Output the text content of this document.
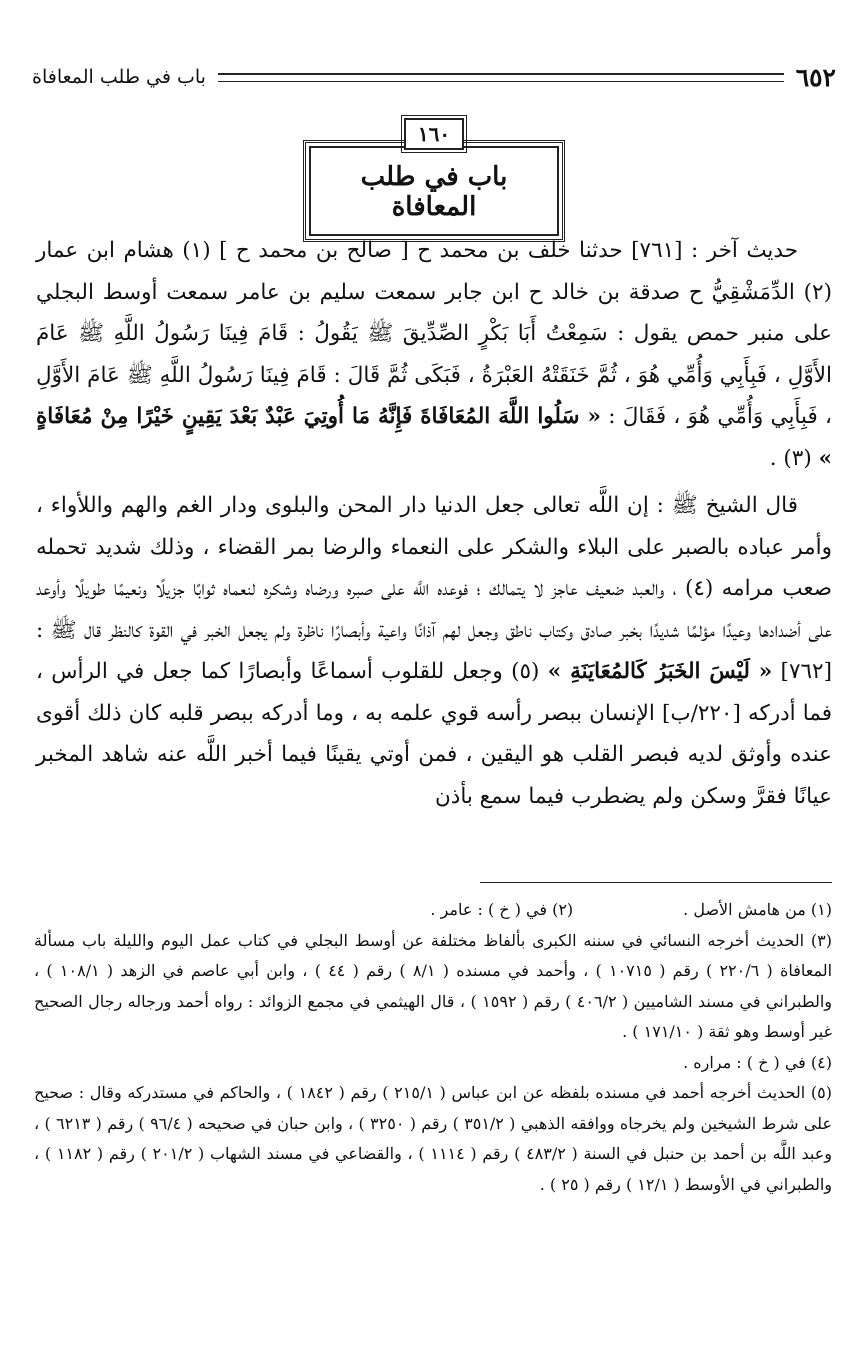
٦٥٢
باب في طلب المعافاة
١٦٠
باب في طلب المعافاة

حديث آخر : [٧٦١] حدثنا خلف بن محمد ح [ صالح بن محمد ح ] (١) هشام ابن عمار (٢) الدِّمَشْقِيُّ ح صدقة بن خالد ح ابن جابر سمعت سليم بن عامر سمعت أوسط البجلي على منبر حمص يقول : سَمِعْتُ أَبَا بَكْرٍ الصِّدِّيقَ ﷺ يَقُولُ : قَامَ فِينَا رَسُولُ اللَّهِ ﷺ عَامَ الأَوَّلِ ، فَبِأَبِي وَأُمِّي هُوَ ، ثُمَّ خَنَقَتْهُ العَبْرَةُ ، فَبَكَى ثُمَّ قَالَ : قَامَ فِينَا رَسُولُ اللَّهِ ﷺ عَامَ الأَوَّلِ ، فَبِأَبِي وَأُمِّي هُوَ ، فَقَالَ : « سَلُوا اللَّهَ المُعَافَاةَ فَإِنَّهُ مَا أُوتِيَ عَبْدٌ بَعْدَ يَقِينٍ خَيْرًا مِنْ مُعَافَاةٍ » (٣) .

قال الشيخ ﷺ : إن اللَّه تعالى جعل الدنيا دار المحن والبلوى ودار الغم والهم واللأواء ، وأمر عباده بالصبر على البلاء والشكر على النعماء والرضا بمر القضاء ، وذلك شديد تحمله صعب مرامه (٤) ، والعبد ضعيف عاجز لا يتمالك ؛ فوعده اللَّه على صبره ورضاه وشكره لنعماه ثوابًا جزيلًا ونعيمًا طويلًا وأوعد على أضدادها وعيدًا مؤلمًا شديدًا بخبر صادق وكتاب ناطق وجعل لهم آذانًا واعية وأبصارًا ناظرة ولم يجعل الخبر في القوة كالنظر قال ﷺ : [٧٦٢] « لَيْسَ الخَبَرُ كَالمُعَايَنَةِ » (٥) وجعل للقلوب أسماعًا وأبصارًا كما جعل في الرأس ، فما أدركه [٢٢٠/ب] الإنسان ببصر رأسه قوي علمه به ، وما أدركه ببصر قلبه كان ذلك أقوى عنده وأوثق لديه فبصر القلب هو اليقين ، فمن أوتي يقينًا فيما أخبر اللَّه عنه شاهد المخبر عيانًا فقرَّ وسكن ولم يضطرب فيما سمع بأذن

(١) من هامش الأصل .

(٢) في ( خ ) : عامر .

(٣) الحديث أخرجه النسائي في سننه الكبرى بألفاظ مختلفة عن أوسط البجلي في كتاب عمل اليوم والليلة باب مسألة المعافاة ( ٢٢٠/٦ ) رقم ( ١٠٧١٥ ) ، وأحمد في مسنده ( ٨/١ ) رقم ( ٤٤ ) ، وابن أبي عاصم في الزهد ( ١٠٨/١ ) ، والطبراني في مسند الشاميين ( ٤٠٦/٢ ) رقم ( ١٥٩٢ ) ، قال الهيثمي في مجمع الزوائد : رواه أحمد ورجاله رجال الصحيح غير أوسط وهو ثقة ( ١٧١/١٠ ) .

(٤) في ( خ ) : مراره .

(٥) الحديث أخرجه أحمد في مسنده بلفظه عن ابن عباس ( ٢١٥/١ ) رقم ( ١٨٤٢ ) ، والحاكم في مستدركه وقال : صحيح على شرط الشيخين ولم يخرجاه ووافقه الذهبي ( ٣٥١/٢ ) رقم ( ٣٢٥٠ ) ، وابن حبان في صحيحه ( ٩٦/٤ ) رقم ( ٦٢١٣ ) ، وعبد اللَّه بن أحمد بن حنبل في السنة ( ٤٨٣/٢ ) رقم ( ١١١٤ ) ، والقضاعي في مسند الشهاب ( ٢٠١/٢ ) رقم ( ١١٨٢ ) ، والطبراني في الأوسط ( ١٢/١ ) رقم ( ٢٥ ) .
